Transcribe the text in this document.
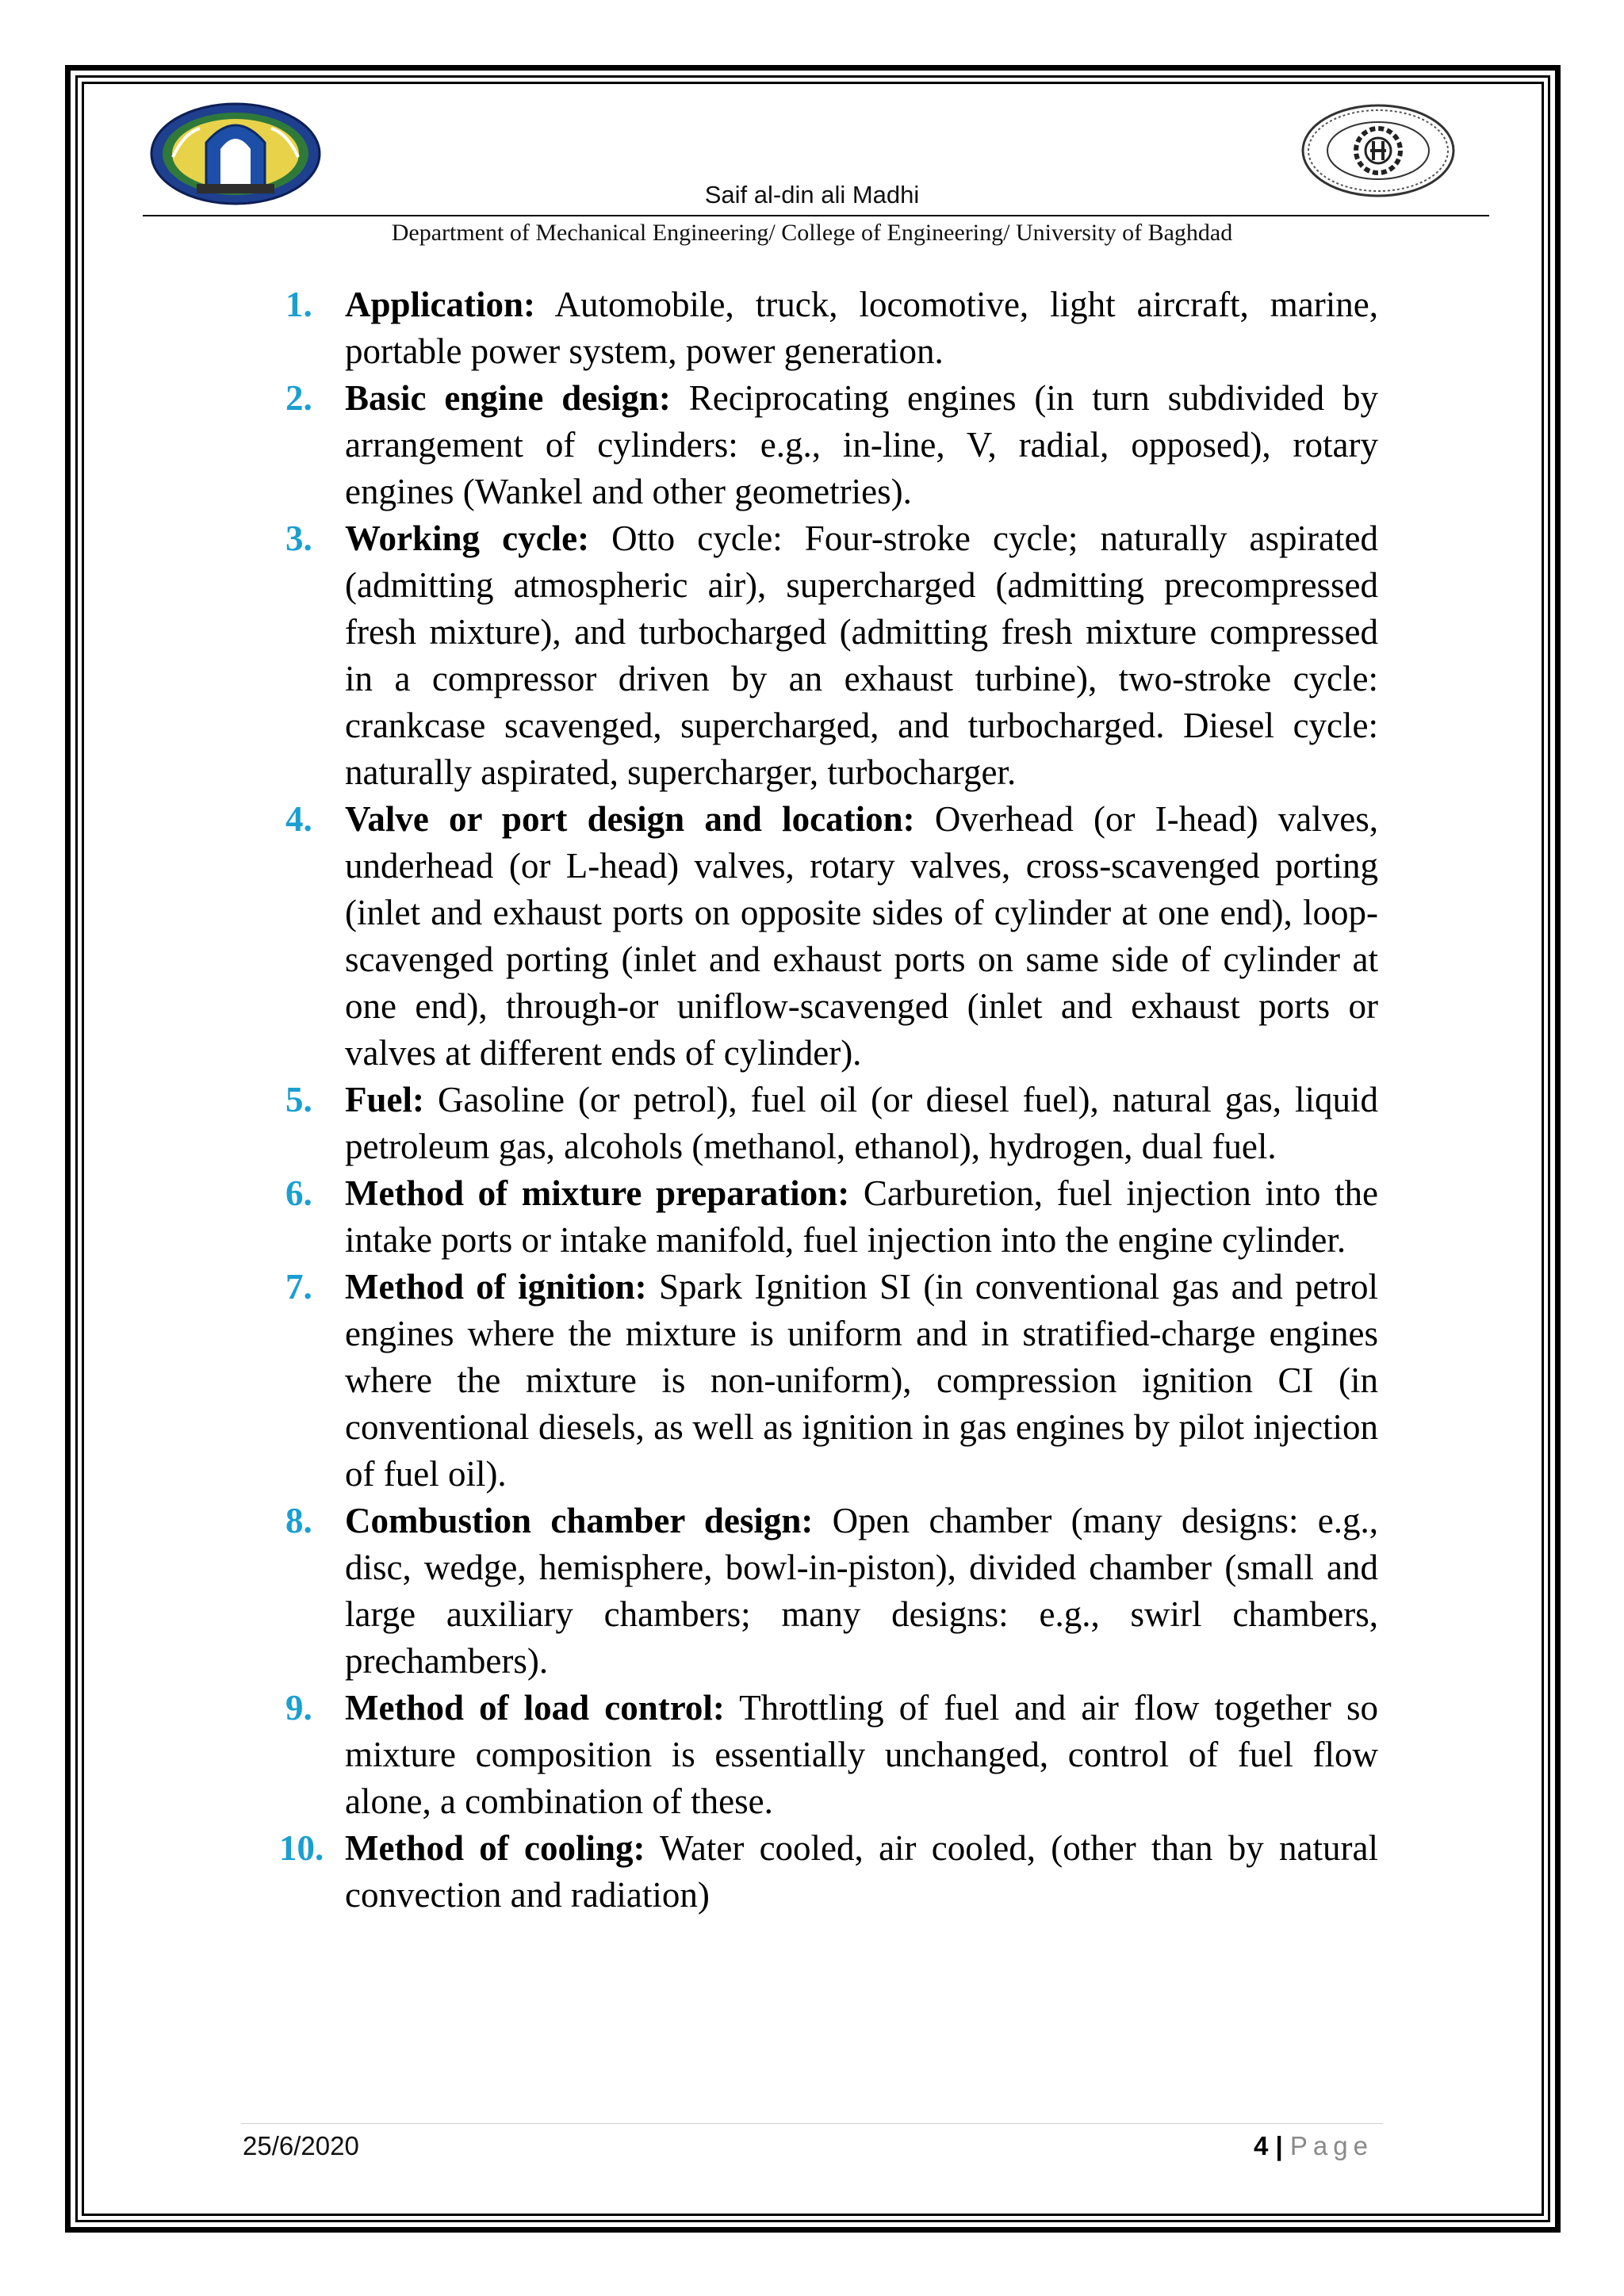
Saif al-din ali Madhi
Department of Mechanical Engineering/ College of Engineering/ University of Baghdad
1. Application: Automobile, truck, locomotive, light aircraft, marine, portable power system, power generation.
2. Basic engine design: Reciprocating engines (in turn subdivided by arrangement of cylinders: e.g., in-line, V, radial, opposed), rotary engines (Wankel and other geometries).
3. Working cycle: Otto cycle: Four-stroke cycle; naturally aspirated (admitting atmospheric air), supercharged (admitting precompressed fresh mixture), and turbocharged (admitting fresh mixture compressed in a compressor driven by an exhaust turbine), two-stroke cycle: crankcase scavenged, supercharged, and turbocharged. Diesel cycle: naturally aspirated, supercharger, turbocharger.
4. Valve or port design and location: Overhead (or I-head) valves, underhead (or L-head) valves, rotary valves, cross-scavenged porting (inlet and exhaust ports on opposite sides of cylinder at one end), loop-scavenged porting (inlet and exhaust ports on same side of cylinder at one end), through-or uniflow-scavenged (inlet and exhaust ports or valves at different ends of cylinder).
5. Fuel: Gasoline (or petrol), fuel oil (or diesel fuel), natural gas, liquid petroleum gas, alcohols (methanol, ethanol), hydrogen, dual fuel.
6. Method of mixture preparation: Carburetion, fuel injection into the intake ports or intake manifold, fuel injection into the engine cylinder.
7. Method of ignition: Spark Ignition SI (in conventional gas and petrol engines where the mixture is uniform and in stratified-charge engines where the mixture is non-uniform), compression ignition CI (in conventional diesels, as well as ignition in gas engines by pilot injection of fuel oil).
8. Combustion chamber design: Open chamber (many designs: e.g., disc, wedge, hemisphere, bowl-in-piston), divided chamber (small and large auxiliary chambers; many designs: e.g., swirl chambers, prechambers).
9. Method of load control: Throttling of fuel and air flow together so mixture composition is essentially unchanged, control of fuel flow alone, a combination of these.
10. Method of cooling: Water cooled, air cooled, (other than by natural convection and radiation)
25/6/2020	4 | Page
